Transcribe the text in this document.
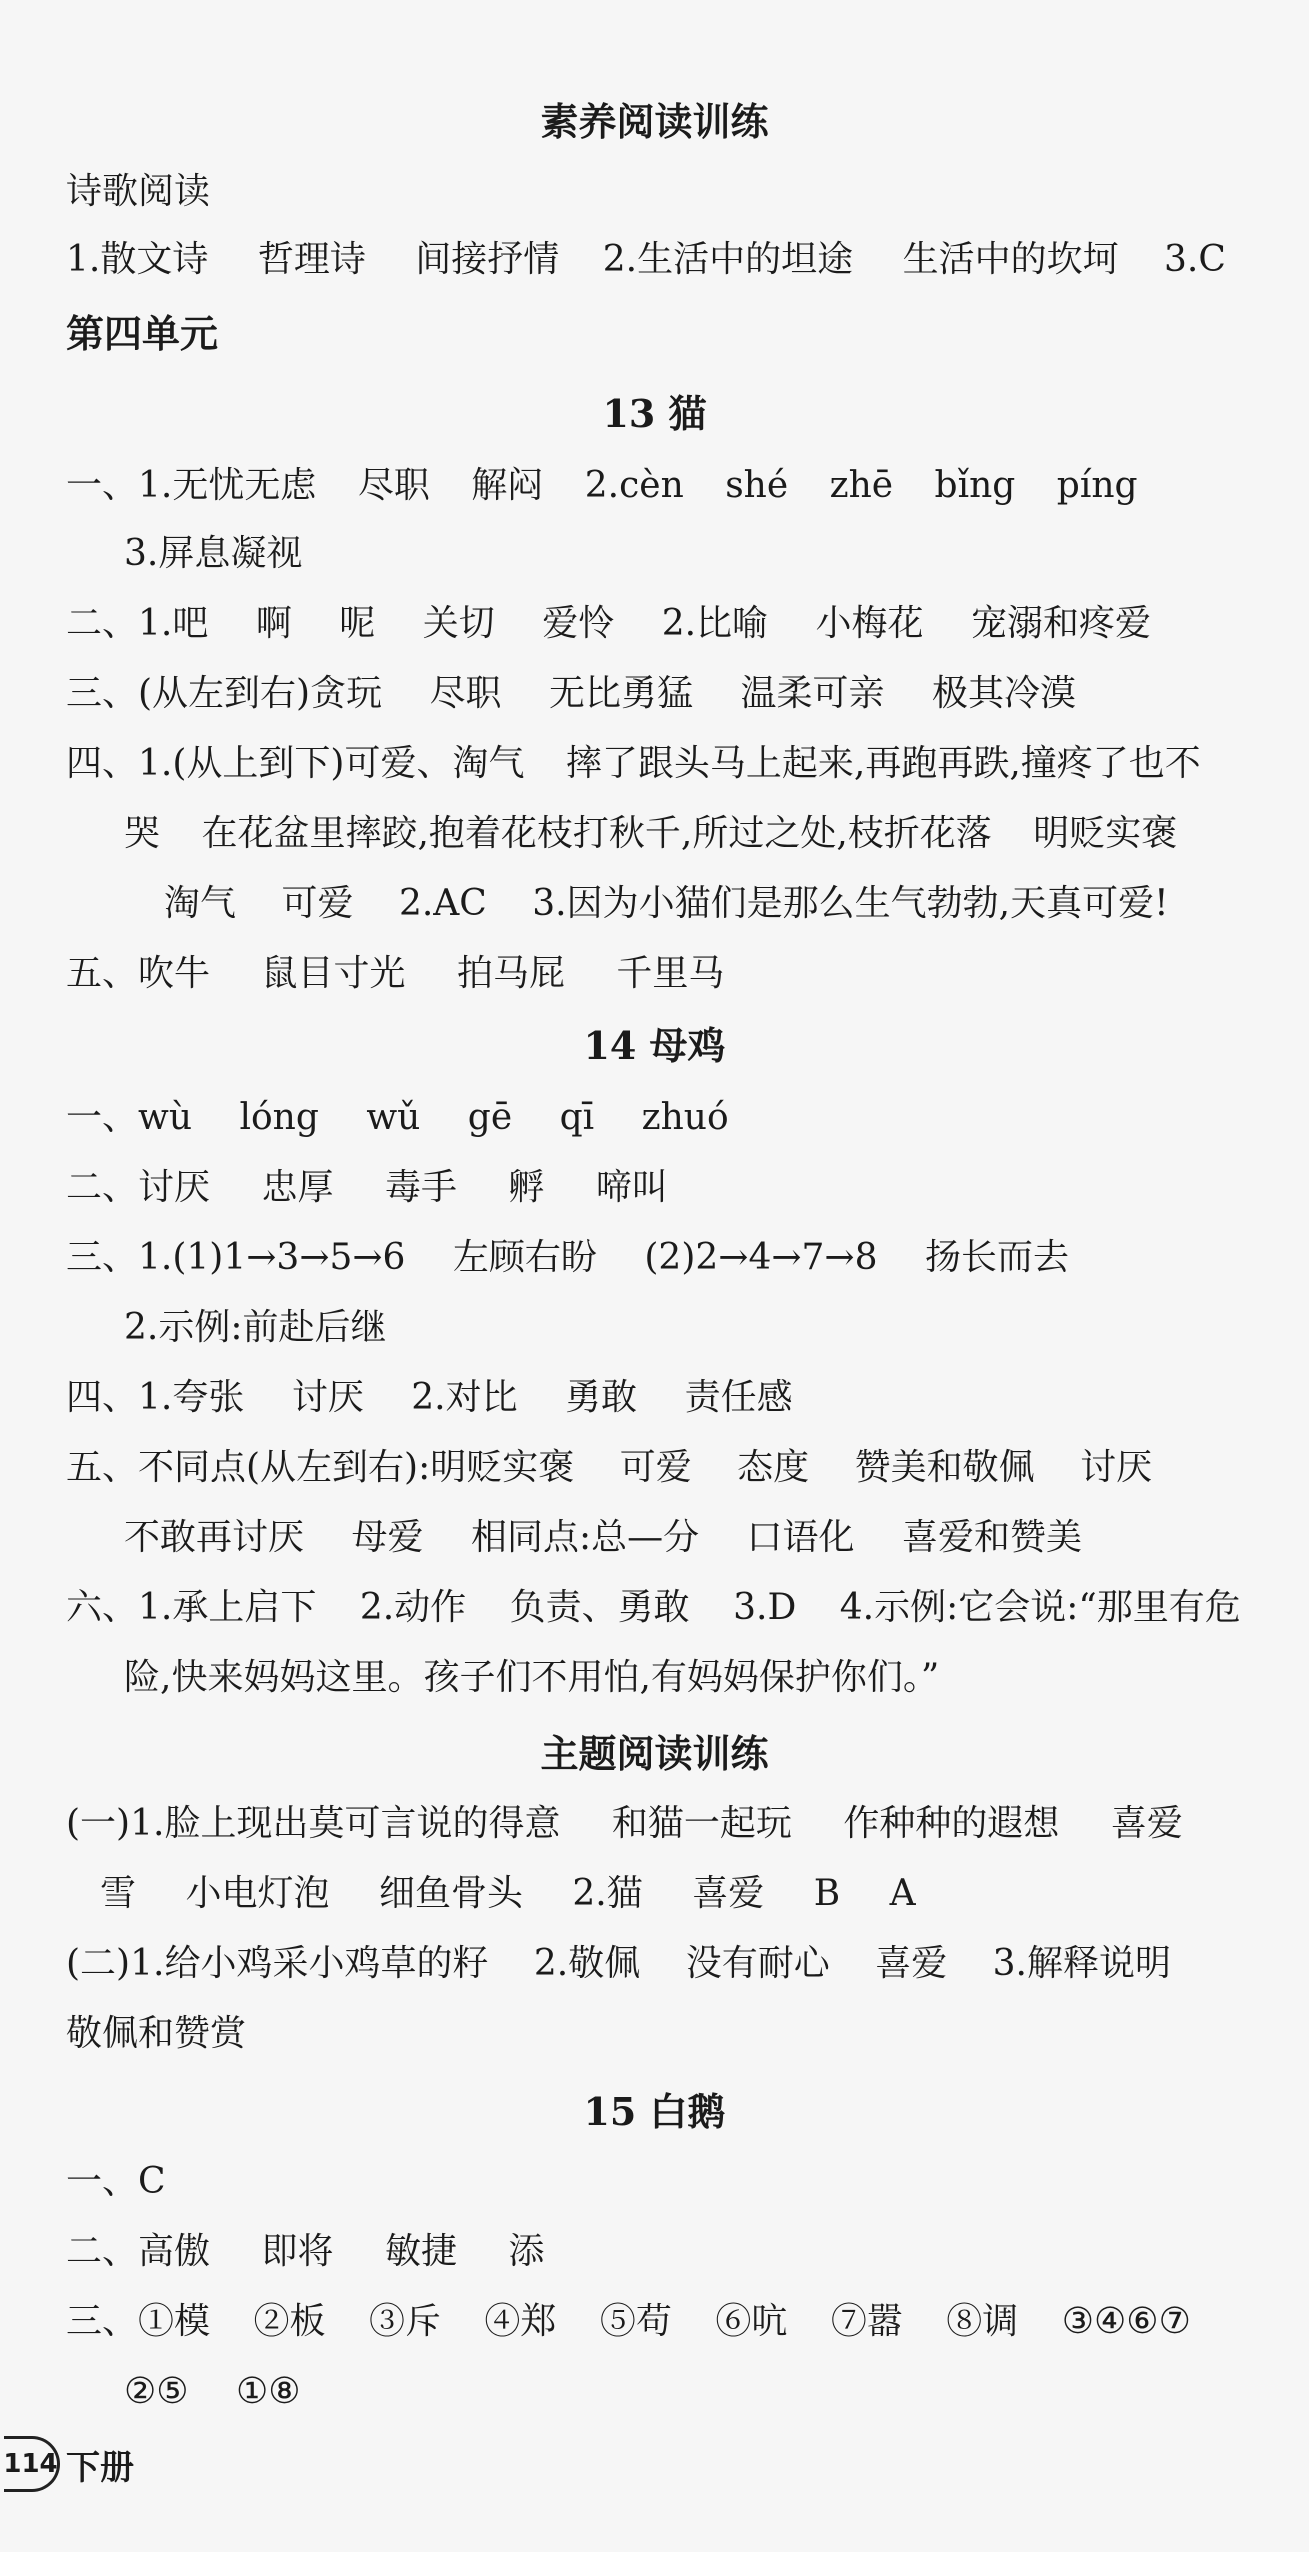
素养阅读训练
诗歌阅读
1.散文诗 哲理诗 间接抒情 2.生活中的坦途 生活中的坎坷 3.C
第四单元
13 猫
一、1.无忧无虑 尽职 解闷 2.cèn shé zhē bǐng píng
3.屏息凝视
二、1.吧 啊 呢 关切 爱怜 2.比喻 小梅花 宠溺和疼爱
三、(从左到右)贪玩 尽职 无比勇猛 温柔可亲 极其冷漠
四、1.(从上到下)可爱、淘气 摔了跟头马上起来,再跑再跌,撞疼了也不
哭 在花盆里摔跤,抱着花枝打秋千,所过之处,枝折花落 明贬实褒
淘气 可爱 2.AC 3.因为小猫们是那么生气勃勃,天真可爱!
五、吹牛 鼠目寸光 拍马屁 千里马
14 母鸡
一、wù lóng wǔ gē qī zhuó
二、讨厌 忠厚 毒手 孵 啼叫
三、1.(1)1→3→5→6 左顾右盼 (2)2→4→7→8 扬长而去
2.示例:前赴后继
四、1.夸张 讨厌 2.对比 勇敢 责任感
五、不同点(从左到右):明贬实褒 可爱 态度 赞美和敬佩 讨厌
不敢再讨厌 母爱 相同点:总—分 口语化 喜爱和赞美
六、1.承上启下 2.动作 负责、勇敢 3.D 4.示例:它会说:“那里有危
险,快来妈妈这里。孩子们不用怕,有妈妈保护你们。”
主题阅读训练
(一)1.脸上现出莫可言说的得意 和猫一起玩 作种种的遐想 喜爱
雪 小电灯泡 细鱼骨头 2.猫 喜爱 B A
(二)1.给小鸡采小鸡草的籽 2.敬佩 没有耐心 喜爱 3.解释说明
敬佩和赞赏
15 白鹅
一、C
二、高傲 即将 敏捷 添
三、①模 ②板 ③斥 ④郑 ⑤苟 ⑥吭 ⑦嚣 ⑧调 ③④⑥⑦
②⑤ ①⑧
114 下册
